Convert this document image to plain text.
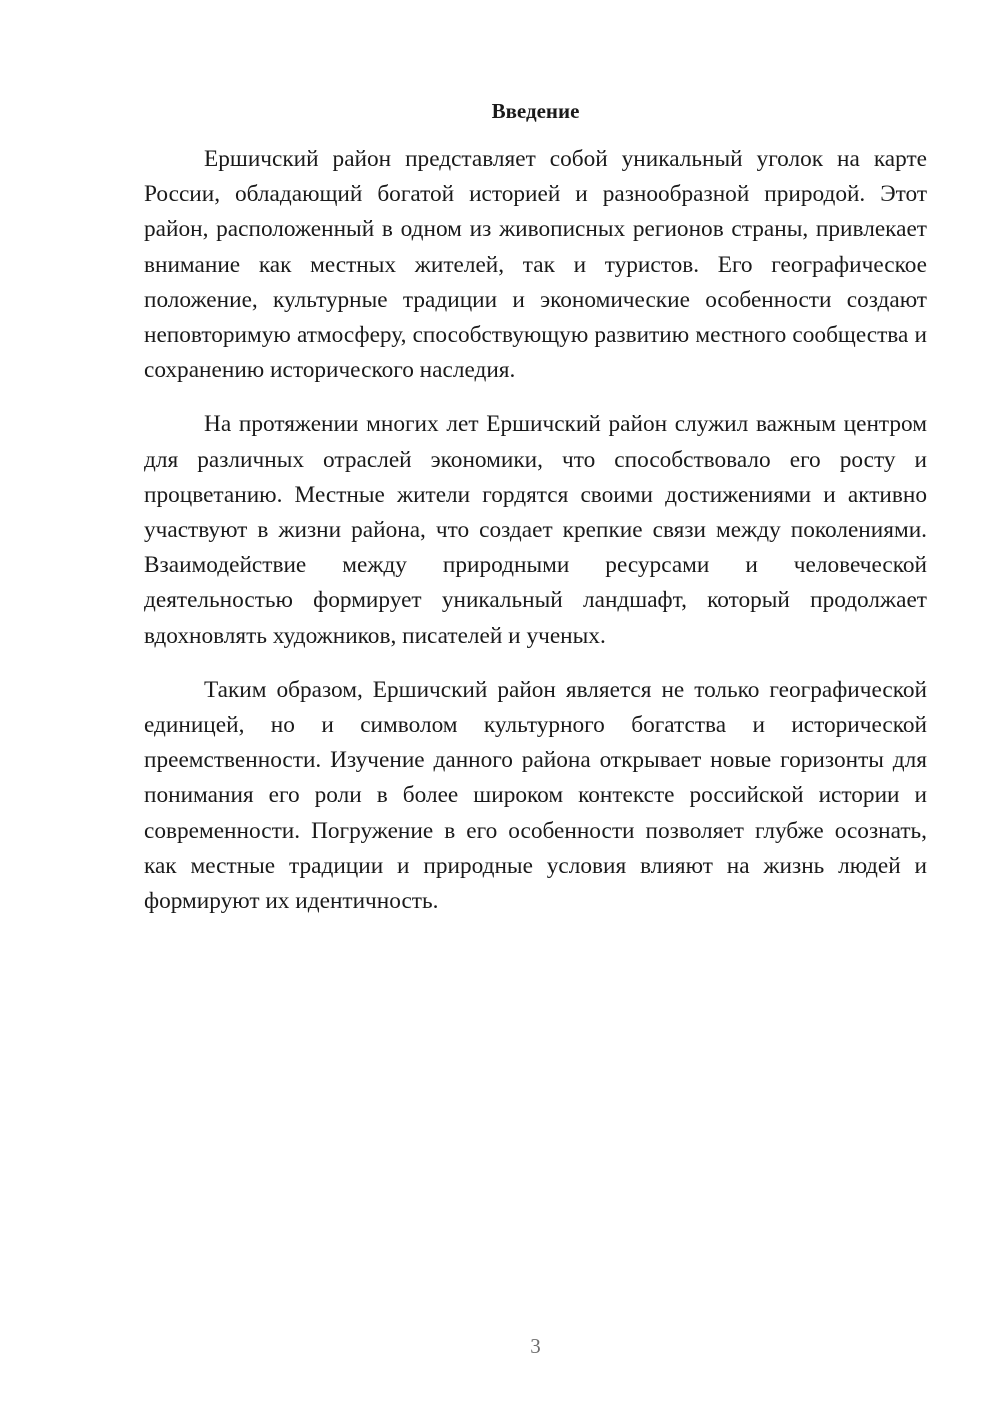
Введение

Ершичский район представляет собой уникальный уголок на карте России, обладающий богатой историей и разнообразной природой. Этот район, расположенный в одном из живописных регионов страны, привлекает внимание как местных жителей, так и туристов. Его географическое положение, культурные традиции и экономические особенности создают неповторимую атмосферу, способствующую развитию местного сообщества и сохранению исторического наследия.

На протяжении многих лет Ершичский район служил важным центром для различных отраслей экономики, что способствовало его росту и процветанию. Местные жители гордятся своими достижениями и активно участвуют в жизни района, что создает крепкие связи между поколениями. Взаимодействие между природными ресурсами и человеческой деятельностью формирует уникальный ландшафт, который продолжает вдохновлять художников, писателей и ученых.

Таким образом, Ершичский район является не только географической единицей, но и символом культурного богатства и исторической преемственности. Изучение данного района открывает новые горизонты для понимания его роли в более широком контексте российской истории и современности. Погружение в его особенности позволяет глубже осознать, как местные традиции и природные условия влияют на жизнь людей и формируют их идентичность.

3
